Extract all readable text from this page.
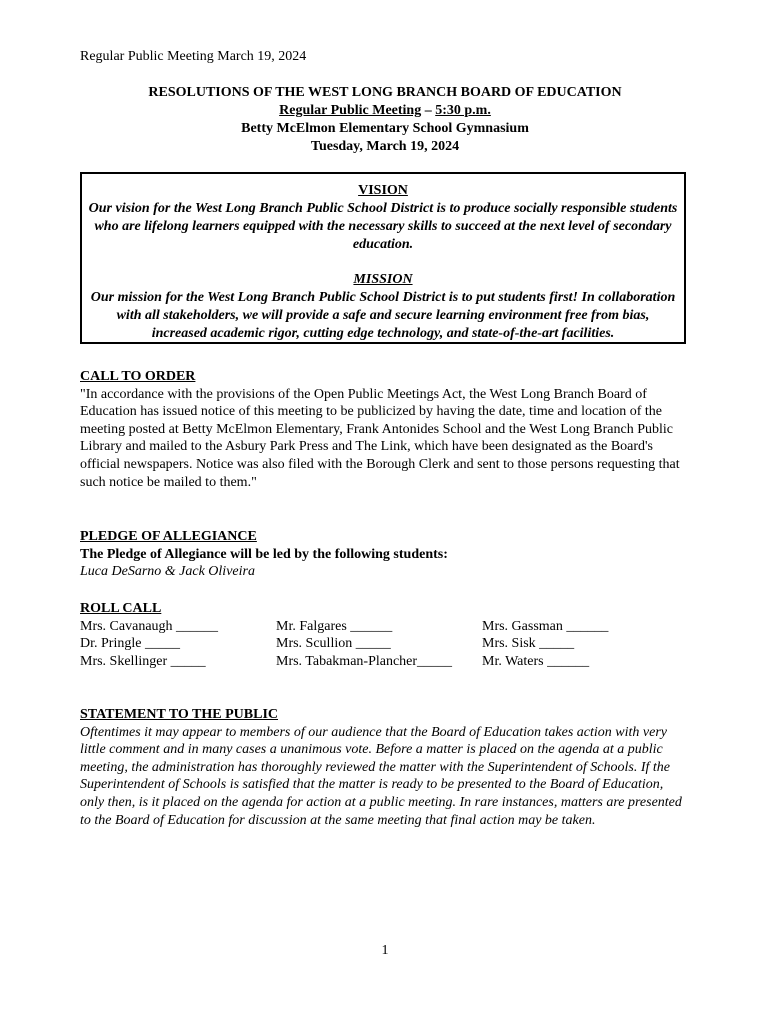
Regular Public Meeting March 19, 2024
RESOLUTIONS OF THE WEST LONG BRANCH BOARD OF EDUCATION
Regular Public Meeting – 5:30 p.m.
Betty McElmon Elementary School Gymnasium
Tuesday, March 19, 2024
VISION
Our vision for the West Long Branch Public School District is to produce socially responsible students who are lifelong learners equipped with the necessary skills to succeed at the next level of secondary education.
MISSION
Our mission for the West Long Branch Public School District is to put students first! In collaboration with all stakeholders, we will provide a safe and secure learning environment free from bias, increased academic rigor, cutting edge technology, and state-of-the-art facilities.
CALL TO ORDER
"In accordance with the provisions of the Open Public Meetings Act, the West Long Branch Board of Education has issued notice of this meeting to be publicized by having the date, time and location of the meeting posted at Betty McElmon Elementary, Frank Antonides School and the West Long Branch Public Library and mailed to the Asbury Park Press and The Link, which have been designated as the Board's official newspapers. Notice was also filed with the Borough Clerk and sent to those persons requesting that such notice be mailed to them."
PLEDGE OF ALLEGIANCE
The Pledge of Allegiance will be led by the following students:
Luca DeSarno & Jack Oliveira
ROLL CALL
Mrs. Cavanaugh ______	Mr. Falgares ______	Mrs. Gassman ______
Dr. Pringle _____	Mrs. Scullion _____	Mrs. Sisk _____
Mrs. Skellinger _____	Mrs. Tabakman-Plancher_____	Mr. Waters ______
STATEMENT TO THE PUBLIC
Oftentimes it may appear to members of our audience that the Board of Education takes action with very little comment and in many cases a unanimous vote. Before a matter is placed on the agenda at a public meeting, the administration has thoroughly reviewed the matter with the Superintendent of Schools. If the Superintendent of Schools is satisfied that the matter is ready to be presented to the Board of Education, only then, is it placed on the agenda for action at a public meeting. In rare instances, matters are presented to the Board of Education for discussion at the same meeting that final action may be taken.
1
